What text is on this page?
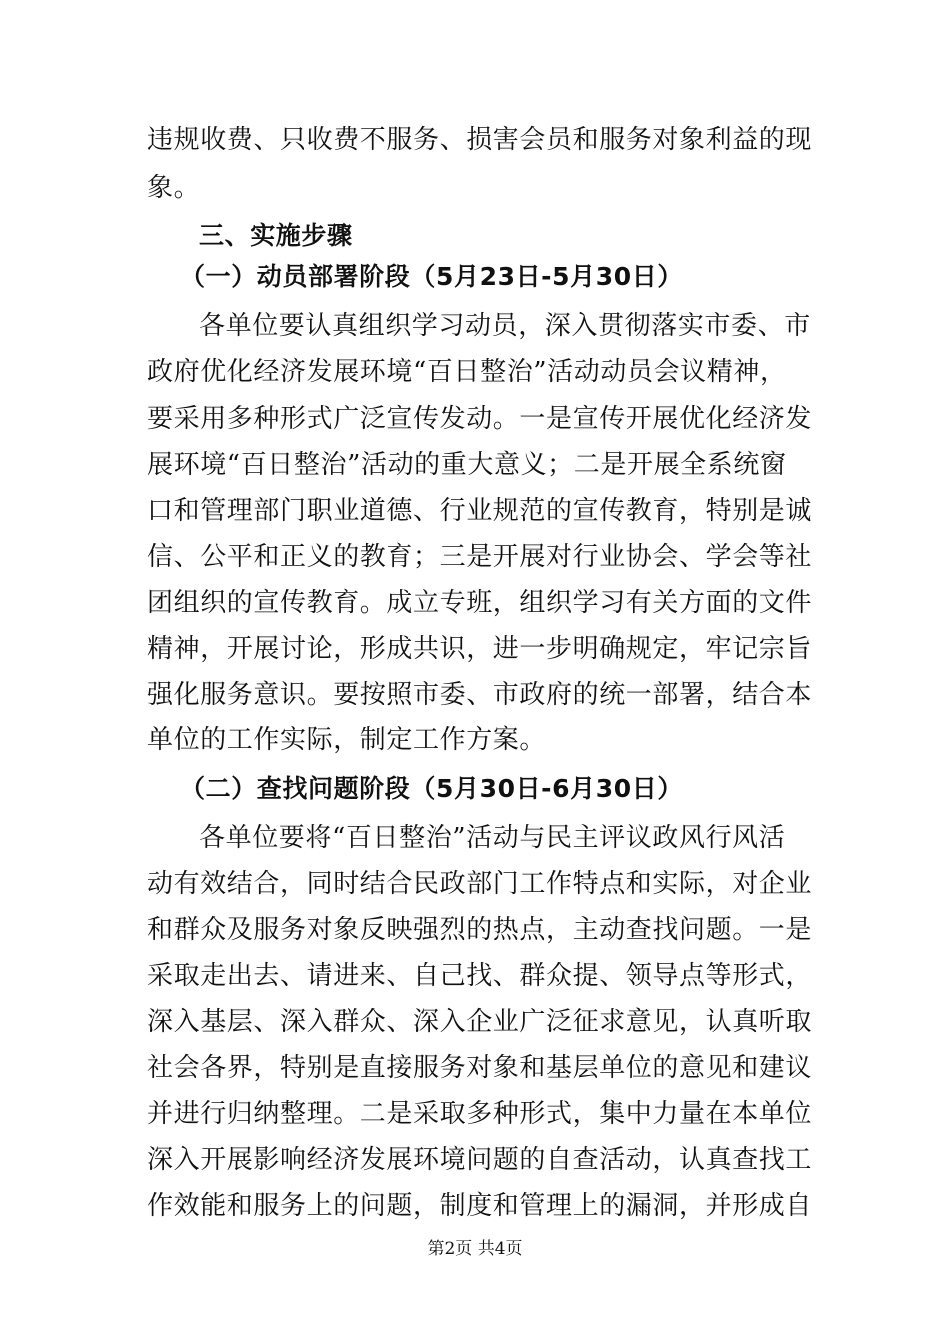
违规收费、只收费不服务、损害会员和服务对象利益的现
象。
三、实施步骤
（一）动员部署阶段（5月23日-5月30日）
各单位要认真组织学习动员，深入贯彻落实市委、市
政府优化经济发展环境“百日整治”活动动员会议精神，
要采用多种形式广泛宣传发动。一是宣传开展优化经济发
展环境“百日整治”活动的重大意义；二是开展全系统窗
口和管理部门职业道德、行业规范的宣传教育，特别是诚
信、公平和正义的教育；三是开展对行业协会、学会等社
团组织的宣传教育。成立专班，组织学习有关方面的文件
精神，开展讨论，形成共识，进一步明确规定，牢记宗旨
强化服务意识。要按照市委、市政府的统一部署，结合本
单位的工作实际，制定工作方案。
（二）查找问题阶段（5月30日-6月30日）
各单位要将“百日整治”活动与民主评议政风行风活
动有效结合，同时结合民政部门工作特点和实际，对企业
和群众及服务对象反映强烈的热点，主动查找问题。一是
采取走出去、请进来、自己找、群众提、领导点等形式，
深入基层、深入群众、深入企业广泛征求意见，认真听取
社会各界，特别是直接服务对象和基层单位的意见和建议
并进行归纳整理。二是采取多种形式，集中力量在本单位
深入开展影响经济发展环境问题的自查活动，认真查找工
作效能和服务上的问题，制度和管理上的漏洞，并形成自
第2页 共4页
